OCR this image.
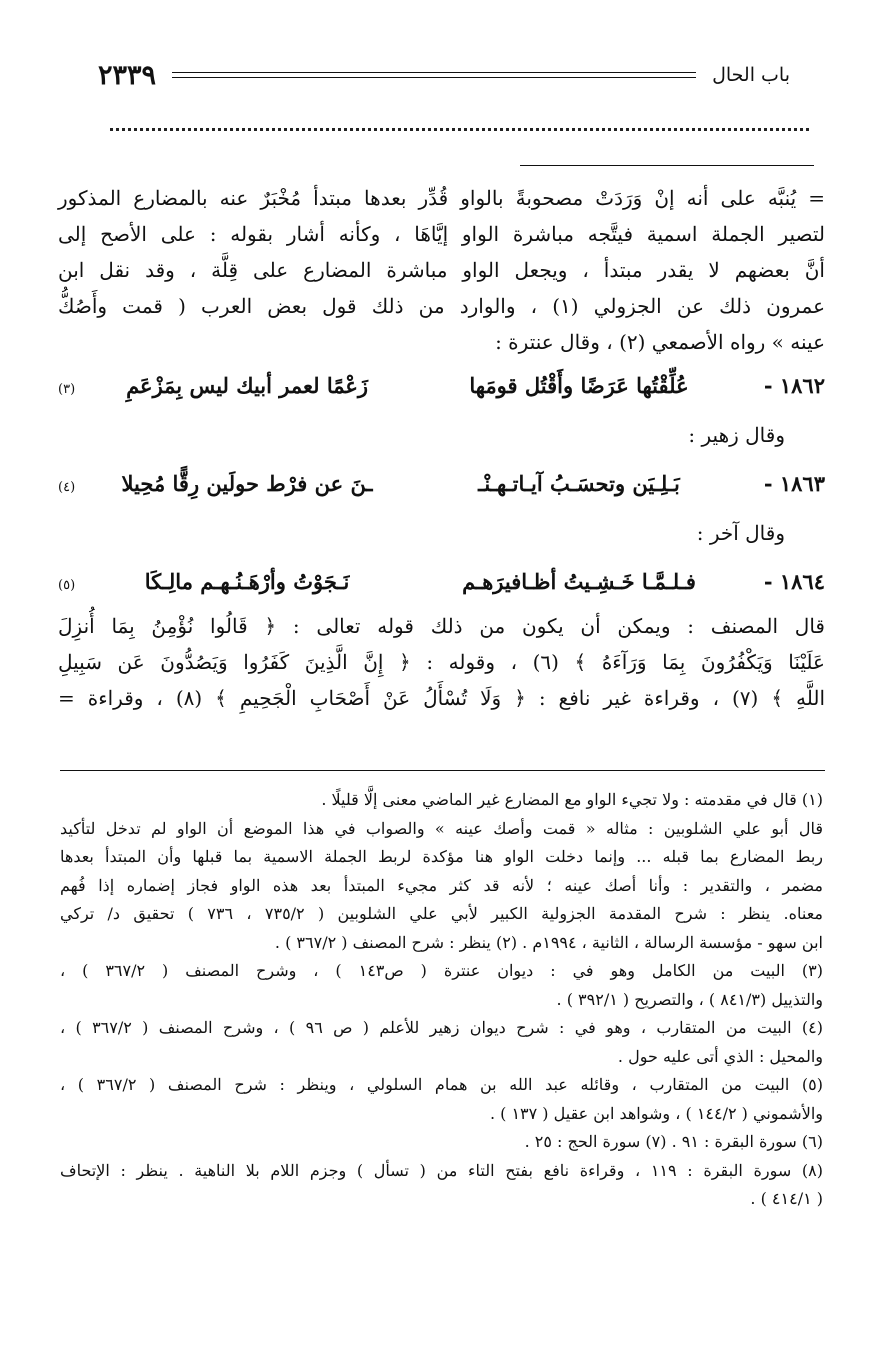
٢٣٣٩	باب الحال
= يُنبَّه على أنه إنْ وَرَدَتْ مصحوبةً بالواو قُدِّر بعدها مبتدأ مُخْبَرٌ عنه بالمضارع المذكور
لتصير الجملة اسمية فيتَّجه مباشرة الواو إيَّاهَا ، وكأنه أشار بقوله : على الأصح إلى
أنَّ بعضهم لا يقدر مبتدأ ، ويجعل الواو مباشرة المضارع على قِلَّة ، وقد نقل ابن
عمرون ذلك عن الجزولي (١) ، والوارد من ذلك قول بعض العرب ( قمت وأَصُكُّ
عينه » رواه الأصمعي (٢) ، وقال عنترة :
١٨٦٢ -
عُلِّقْتُها عَرَضًا وأَقْتُل قومَها
زَعْمًا لعمر أبيك ليس بِمَزْعَمِ
(٣)
وقال زهير :
١٨٦٣ -
بَـلِـيَن وتحسَـبُ آيـاتـهـنْـ
ـنَ عن فرْط حولَين رِقًّا مُحِيلا
(٤)
وقال آخر :
١٨٦٤ -
فـلـمَّـا خَـشِـيتُ أظـافيرَهـم
نَـجَوْتُ وأرْهَـنُـهـم مالِـكَا
(٥)
قال المصنف : ويمكن أن يكون من ذلك قوله تعالى : ﴿ قَالُوا نُؤْمِنُ بِمَا أُنزِلَ
عَلَيْنَا وَيَكْفُرُونَ بِمَا وَرَآءَهُ ﴾ (٦) ، وقوله : ﴿ إِنَّ الَّذِينَ كَفَرُوا وَيَصُدُّونَ عَن سَبِيلِ
اللَّهِ ﴾ (٧) ، وقراءة غير نافع : ﴿ وَلَا تُسْأَلُ عَنْ أَصْحَابِ الْجَحِيمِ ﴾ (٨) ، وقراءة =
(١) قال في مقدمته : ولا تجيء الواو مع المضارع غير الماضي معنى إلَّا قليلًا .
قال أبو علي الشلوبين : مثاله « قمت وأصك عينه » والصواب في هذا الموضع أن الواو لم تدخل لتأكيد
ربط المضارع بما قبله ... وإنما دخلت الواو هنا مؤكدة لربط الجملة الاسمية بما قبلها وأن المبتدأ بعدها
مضمر ، والتقدير : وأنا أصك عينه ؛ لأنه قد كثر مجيء المبتدأ بعد هذه الواو فجاز إضماره إذا فُهم
معناه. ينظر : شرح المقدمة الجزولية الكبير لأبي علي الشلوبين ( ٧٣٥/٢ ، ٧٣٦ ) تحقيق د/ تركي
ابن سهو - مؤسسة الرسالة ، الثانية ، ١٩٩٤م . (٢) ينظر : شرح المصنف ( ٣٦٧/٢ ) .
(٣) البيت من الكامل وهو في : ديوان عنترة ( ص١٤٣ ) ، وشرح المصنف ( ٣٦٧/٢ ) ،
والتذييل (٨٤١/٣ ) ، والتصريح ( ٣٩٢/١ ) .
(٤) البيت من المتقارب ، وهو في : شرح ديوان زهير للأعلم ( ص ٩٦ ) ، وشرح المصنف ( ٣٦٧/٢ ) ،
والمحيل : الذي أتى عليه حول .
(٥) البيت من المتقارب ، وقائله عبد الله بن همام السلولي ، وينظر : شرح المصنف ( ٣٦٧/٢ ) ،
والأشموني ( ١٤٤/٢ ) ، وشواهد ابن عقيل ( ١٣٧ ) .
(٦) سورة البقرة : ٩١ . (٧) سورة الحج : ٢٥ .
(٨) سورة البقرة : ١١٩ ، وقراءة نافع بفتح التاء من ( تسأل ) وجزم اللام بلا الناهية . ينظر : الإتحاف
( ٤١٤/١ ) .
